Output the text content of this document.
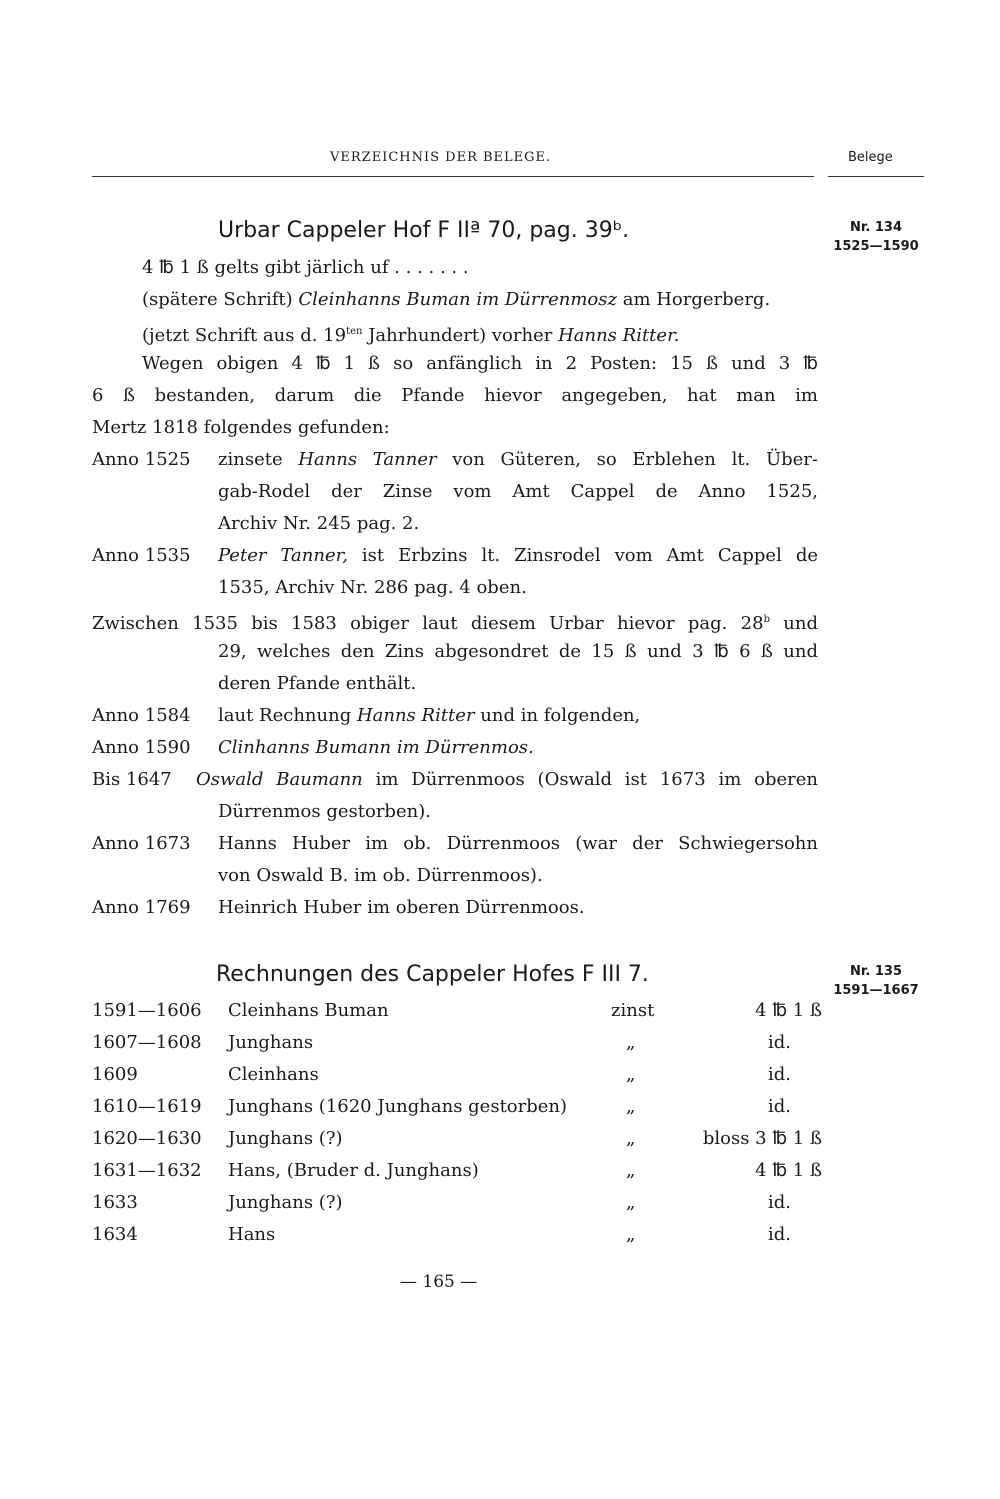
VERZEICHNIS DER BELEGE.	Belege
Urbar Cappeler Hof F IIª 70, pag. 39ᵇ.	Nr. 134
1525—1590
4 ℔ 1 ß gelts gibt järlich uf . . . . . . .
(spätere Schrift) Cleinhanns Buman im Dürrenmosz am Horgerberg.
(jetzt Schrift aus d. $19^{ten}$ Jahrhundert) vorher Hanns Ritter.
Wegen obigen 4 ℔ 1 ß so anfänglich in 2 Posten: 15 ß und 3 ℔
6 ß bestanden, darum die Pfande hievor angegeben, hat man im
Mertz 1818 folgendes gefunden:
Anno 1525 zinsete Hanns Tanner von Güteren, so Erblehen lt. Über-
gab-Rodel der Zinse vom Amt Cappel de Anno 1525,
Archiv Nr. 245 pag. 2.
Anno 1535 Peter Tanner, ist Erbzins lt. Zinsrodel vom Amt Cappel de
1535, Archiv Nr. 286 pag. 4 oben.
Zwischen 1535 bis 1583 obiger laut diesem Urbar hievor pag. 28$^b$ und
29, welches den Zins abgesondret de 15 ß und 3 ℔ 6 ß und
deren Pfande enthält.
Anno 1584 laut Rechnung Hanns Ritter und in folgenden,
Anno 1590 Clinhanns Bumann im Dürrenmos.
Bis 1647 Oswald Baumann im Dürrenmoos (Oswald ist 1673 im oberen
Dürrenmos gestorben).
Anno 1673 Hanns Huber im ob. Dürrenmoos (war der Schwiegersohn
von Oswald B. im ob. Dürrenmoos).
Anno 1769 Heinrich Huber im oberen Dürrenmoos.
Rechnungen des Cappeler Hofes F III 7.	Nr. 135
1591—1667
1591—1606 Cleinhans Buman	zinst	4 ℔ 1 ß
1607—1608 Junghans	„	id.
1609	Cleinhans	„	id.
1610—1619 Junghans (1620 Junghans gestorben)	„	id.
1620—1630 Junghans (?)	„	bloss 3 ℔ 1 ß
1631—1632 Hans, (Bruder d. Junghans)	„	4 ℔ 1 ß
1633	Junghans (?)	„	id.
1634	Hans	„	id.
— 165 —
